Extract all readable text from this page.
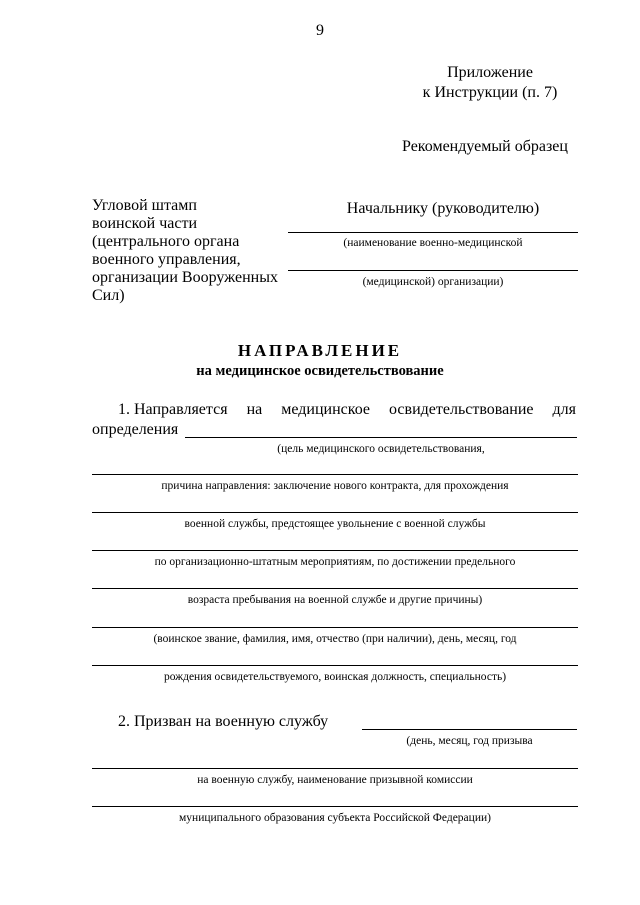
9
Приложение
к Инструкции (п. 7)
Рекомендуемый образец
Угловой штамп
воинской части
(центрального органа
военного управления,
организации Вооруженных
Сил)
Начальнику (руководителю)
(наименование военно-медицинской
(медицинской) организации)
НАПРАВЛЕНИЕ
на медицинское освидетельствование
1. Направляется на медицинское освидетельствование для
определения
(цель медицинского освидетельствования,
причина направления: заключение нового контракта, для прохождения
военной службы, предстоящее увольнение с военной службы
по организационно-штатным мероприятиям, по достижении предельного
возраста пребывания на военной службе и другие причины)
(воинское звание, фамилия, имя, отчество (при наличии), день, месяц, год
рождения освидетельствуемого, воинская должность, специальность)
2. Призван на военную службу
(день, месяц, год призыва
на военную службу, наименование призывной комиссии
муниципального образования субъекта Российской Федерации)
